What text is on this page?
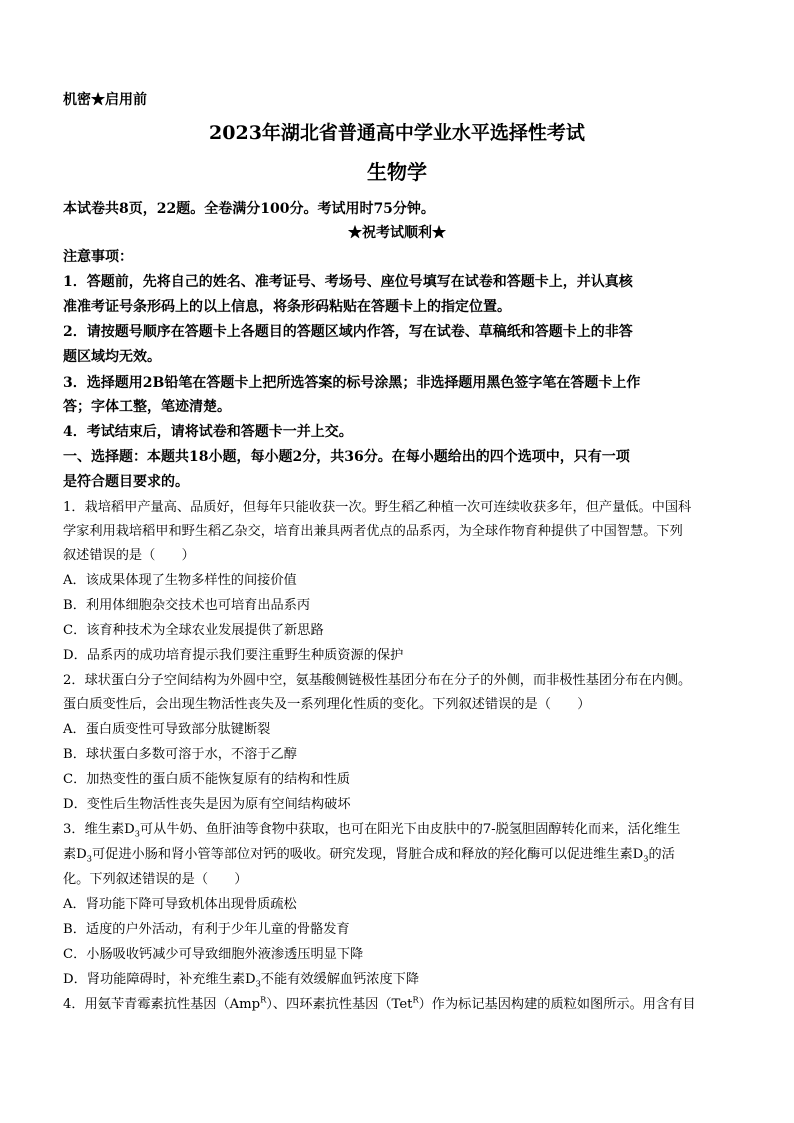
机密★启用前
2023年湖北省普通高中学业水平选择性考试
生物学
本试卷共8页，22题。全卷满分100分。考试用时75分钟。
★祝考试顺利★
注意事项：
1．答题前，先将自己的姓名、准考证号、考场号、座位号填写在试卷和答题卡上，并认真核
准准考证号条形码上的以上信息，将条形码粘贴在答题卡上的指定位置。
2．请按题号顺序在答题卡上各题目的答题区域内作答，写在试卷、草稿纸和答题卡上的非答
题区域均无效。
3．选择题用2B铅笔在答题卡上把所选答案的标号涂黑；非选择题用黑色签字笔在答题卡上作
答；字体工整，笔迹清楚。
4．考试结束后，请将试卷和答题卡一并上交。
一、选择题：本题共18小题，每小题2分，共36分。在每小题给出的四个选项中，只有一项
是符合题目要求的。
1．栽培稻甲产量高、品质好，但每年只能收获一次。野生稻乙种植一次可连续收获多年，但产量低。中国科
学家利用栽培稻甲和野生稻乙杂交，培育出兼具两者优点的品系丙，为全球作物育种提供了中国智慧。下列
叙述错误的是（　　）
A．该成果体现了生物多样性的间接价值
B．利用体细胞杂交技术也可培育出品系丙
C．该育种技术为全球农业发展提供了新思路
D．品系丙的成功培育提示我们要注重野生种质资源的保护
2．球状蛋白分子空间结构为外圆中空，氨基酸侧链极性基团分布在分子的外侧，而非极性基团分布在内侧。
蛋白质变性后，会出现生物活性丧失及一系列理化性质的变化。下列叙述错误的是（　　）
A．蛋白质变性可导致部分肽键断裂
B．球状蛋白多数可溶于水，不溶于乙醇
C．加热变性的蛋白质不能恢复原有的结构和性质
D．变性后生物活性丧失是因为原有空间结构破坏
3．维生素$D_3$可从牛奶、鱼肝油等食物中获取，也可在阳光下由皮肤中的7-脱氢胆固醇转化而来，活化维生
素$D_3$可促进小肠和肾小管等部位对钙的吸收。研究发现，肾脏合成和释放的羟化酶可以促进维生素$D_3$的活
化。下列叙述错误的是（　　）
A．肾功能下降可导致机体出现骨质疏松
B．适度的户外活动，有利于少年儿童的骨骼发育
C．小肠吸收钙减少可导致细胞外液渗透压明显下降
D．肾功能障碍时，补充维生素$D_3$不能有效缓解血钙浓度下降
4．用氨苄青霉素抗性基因（Amp$^R$）、四环素抗性基因（Tet$^R$）作为标记基因构建的质粒如图所示。用含有目
